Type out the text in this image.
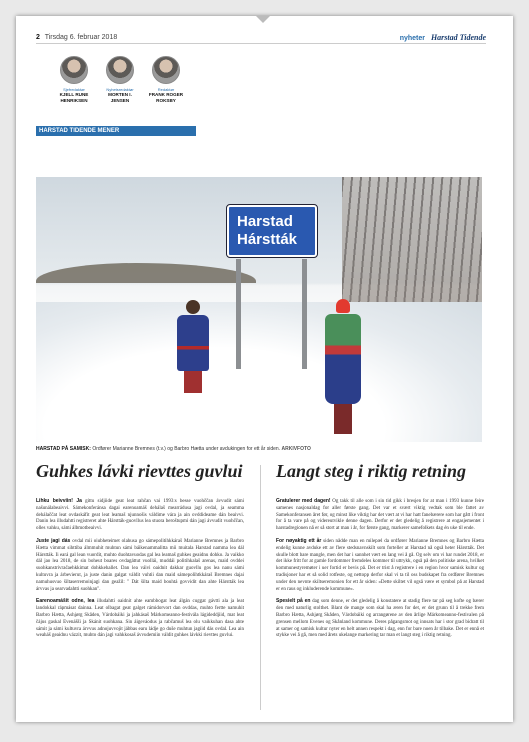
2 Tirsdag 6. februar 2018	nyheter Harstad Tidende
Sjefredaktør
KJELL RUNE
HENRIKSEN
Nyhetsredaktør
MORTEN I.
JENSEN
Redaktør
FRANK ROGER
ROKSBY
HARSTAD TIDENDE MENER
Harstad
Hárstták
HARSTAD PÅ SAMISK: Ordfører Marianne Bremnes (t.v.) og Barbro Hætta under avdukingen for ett år siden. ARKIVFOTO
Guhkes lávki rievttes guvlui

Lihku beivviin! Ja gittu sidjiide geat leat rahčan vai 1993:s besse vuohččan ávvudit sámi našunálabeaivvi. Sámekonferánsa dagai earenoamáš dehálaš mearrádusa jagi ovdal, ja seamma dehálaččat leat ovdaskáfit geat leat leamaš njunnošis váldime vára ja ain ovddideame dán beaivvi. Danin lea illudahtti registreret ahte Hárstták-guovllus lea stuora beroštupmi dán jagi ávvudit vuohččan, olles vahku, sámi álbmotbeaivvi.

Juste jagi dás ovdal mii oiubheteimet olahusa go sámepolitihkkáraš Marianne Bremnes ja Barbro Hætta vimmat sihttiba álmmuhit muhtun sámi báikenammalitta mii muitala Harstad namma lea dál Hárstták. Ii eará gal lean vuordit, muhto duohtavuodas gal lea leamaš guhkes geaidnu dohko. Ja vaikko dál jao lea 2018, de sin boheut boares ovdagáttut vuollái, muddái politihkalaš arenas, maid ovddei suohkanstrivračaehkkimat dohkkehallet. Dan lea váivi oaidnit dakkar guovllu gos lea nanu sámi kultuvra ja árbevierut, ja juste danin galgat váldit vuhtii dan maid sámepolihtkkáraš Bremnes dajai namuhusvuo šiltaserremoinjagi dan geažil: " Dát šilta maid bouhtá govvidit dan ahte Hárstták lea árvvas ja searvadahtti suohkan".

Earenoamášit odne, lea illudahtti oaidnit ahte eambbogat leat álgán cuggat gávtti ala ja leat landokkal rápmásat dainna. Leat olbagat geat galget rámidorvort dan ovddas, muhto fertte namuhit Barbro Hætta, Ashjørg Skåden, Várdobáiki ja jahkásaš Márkomeanno-festivála lágideddjiid, mat leat čájus gaskal Evenášši ja Skánit suohkana. Sin áigeváodus ja rabčamuš lea olu vaikkuhan dasa ahte sámit ja sámi kultuvra árvvus adnojuvvojit jábbas earu ládje go duše muhtun jagiid dás ovdal. Lea ain weaháš geaidnu vázzit, muhto dán jagi vahkkosaš ávvudemiin váldit guhkes lávkki rievttes guvlui.

Langt steg i riktig retning

Gratulerer med dagen! Og takk til alle som i sin tid gikk i bresjen for at man i 1993 kunne feire samenes nasjonaldag for aller første gang. Det var et svært viktig vedtak som ble fattet av Samekonferansen året før, og minst like viktig har det vært at vi har hatt fanebærere som har gått i front for å ta vare på og videreutvikle denne dagen. Derfor er det gledelig å registrere at engasjementet i harstadregionen nå er så stort at man i år, for første gang, markerer samefolkets dag én uke til ende.

For nøyaktig ett år siden nådde man en milepæl da ordfører Marianne Bremnes og Barbro Hætta endelig kunne avduke ett av flere stedsnavnskilt som forteller at Harstad nå også heter Hárstták. Det skulle blott bare mangle, men det har i sannhet vært en lang vei å gå. Og selv om vi har rundet 2018, er det ikke fritt for at gamle fordommer fremdeles kommer til uttrykk, også på den politiske arena, hvilket kommunestyremøter i uer fortid er bevis på. Det er trist å registrere i en region hvor samisk kultur og tradisjoner har et så solid rotfeste, og nettopp derfor skal vi ta til oss budskapet fra ordfører Bremnes under den nevnte skiltseremonien for ett år siden: «Dette skiltet vil også være et symbol på at Harstad er en raus og inkluderende kommune».

Spesielt på en dag som denne, er det gledelig å konstatere at stadig flere tar på seg kofte og bærer den med naturlig stolthet. Blant de mange som skal ha æren for det, er det grunn til å trekke frem Barbro Hætta, Ashjørg Skåden, Várdobáiki og arrangørene av den årlige Márkomeanno-festivalen på grensen mellom Evenes og Skånland kommune. Deres pågangsmot og innsats har i stor grad bidratt til at samer og samisk kultur nyter en helt annen respekt i dag, enn for bare noen år tilbake. Det er ennå et stykke vei å gå, men med årets ukelange markering tar man et langt steg i riktig retning.
